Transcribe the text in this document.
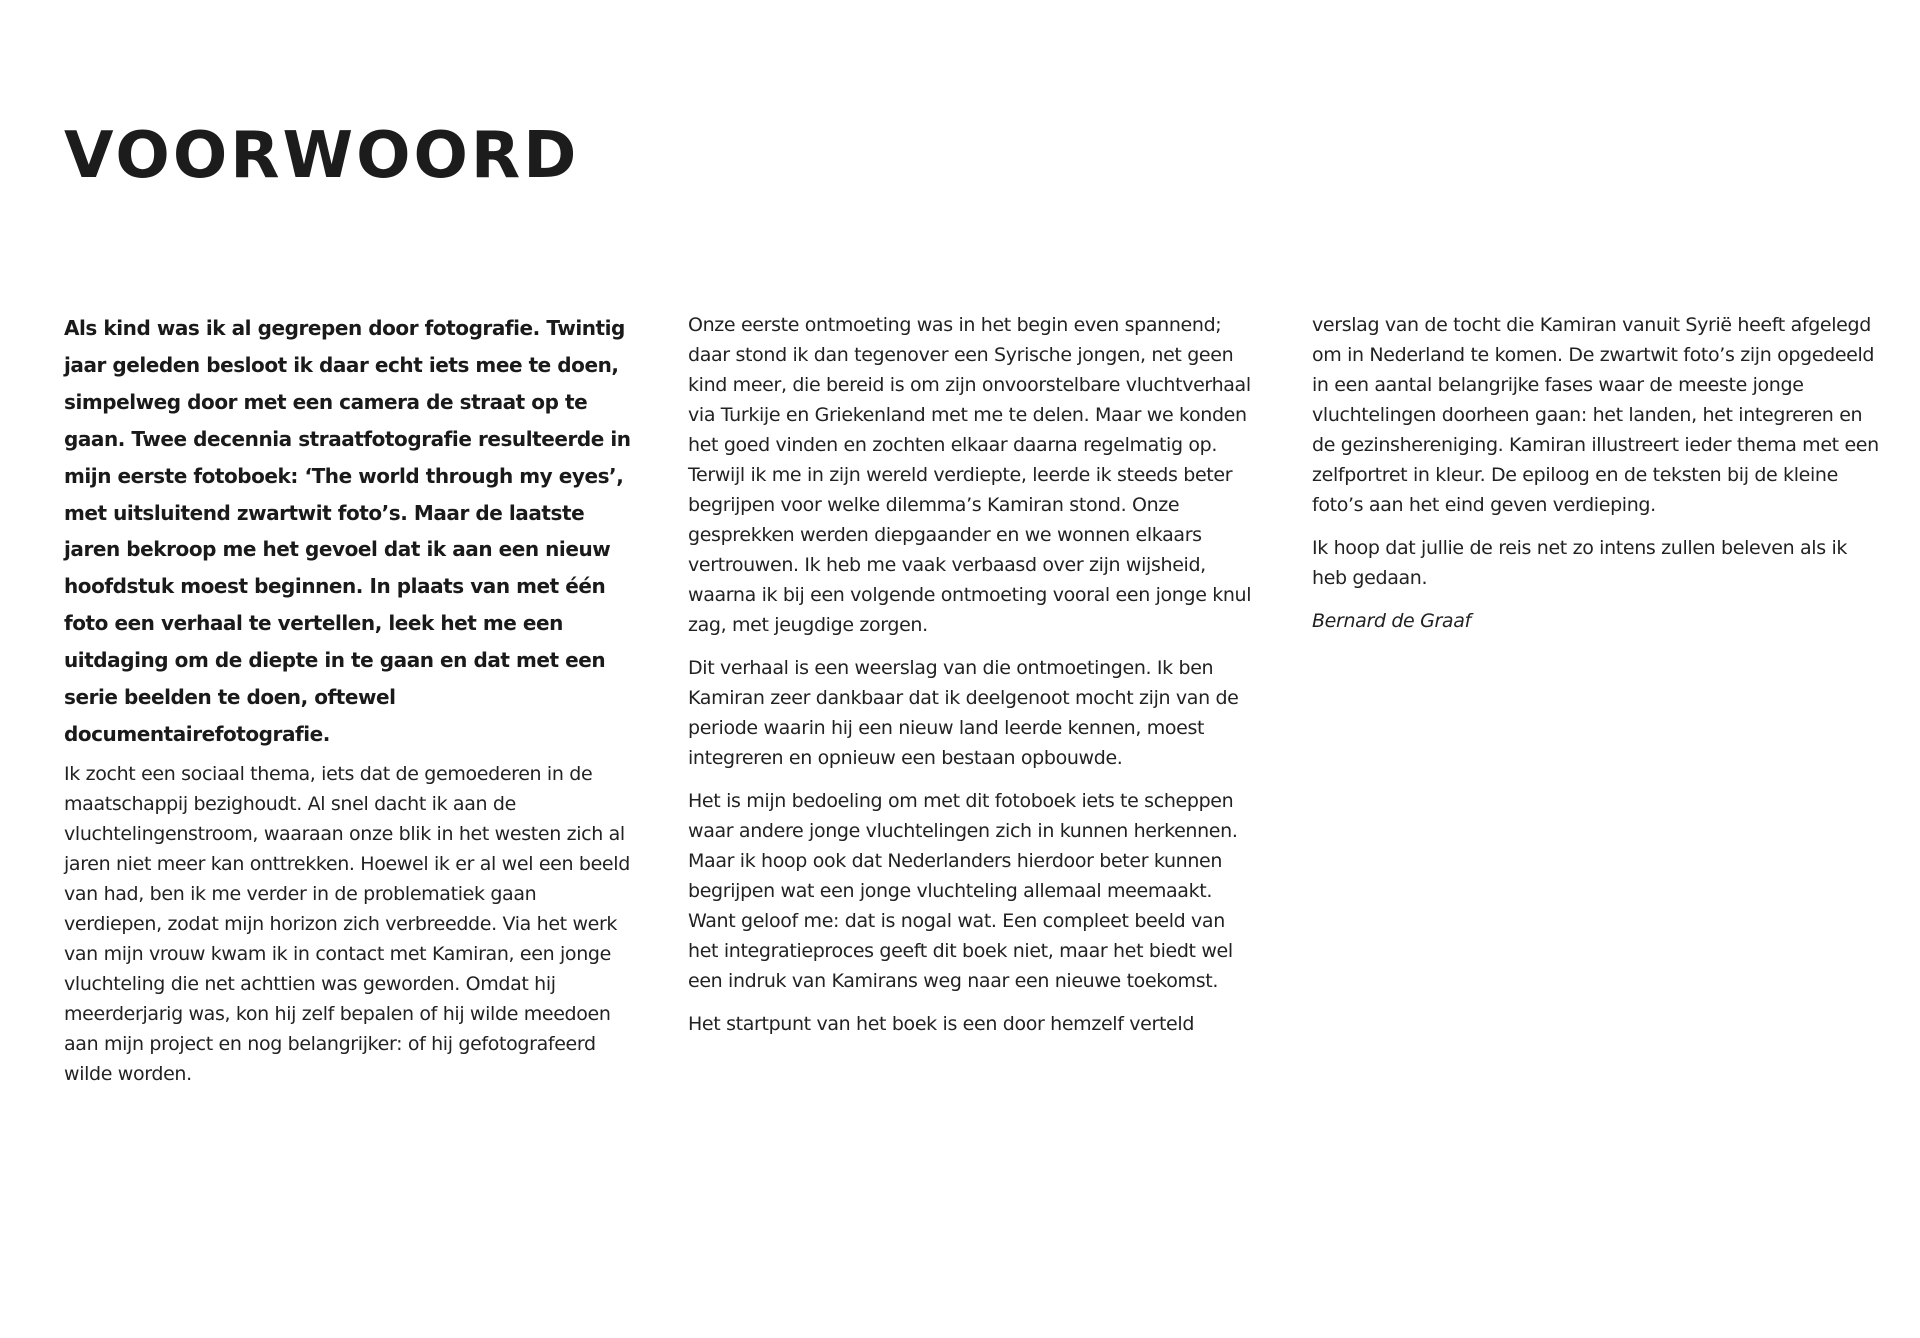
VOORWOORD

Als kind was ik al gegrepen door fotografie. Twintig jaar geleden besloot ik daar echt iets mee te doen, simpelweg door met een camera de straat op te gaan. Twee decennia straatfotografie resulteerde in mijn eerste fotoboek: ‘The world through my eyes’, met uitsluitend zwartwit foto’s. Maar de laatste jaren bekroop me het gevoel dat ik aan een nieuw hoofdstuk moest beginnen. In plaats van met één foto een verhaal te vertellen, leek het me een uitdaging om de diepte in te gaan en dat met een serie beelden te doen, oftewel documentairefotografie.

Ik zocht een sociaal thema, iets dat de gemoederen in de maatschappij bezighoudt. Al snel dacht ik aan de vluchtelingenstroom, waaraan onze blik in het westen zich al jaren niet meer kan onttrekken. Hoewel ik er al wel een beeld van had, ben ik me verder in de problematiek gaan verdiepen, zodat mijn horizon zich verbreedde. Via het werk van mijn vrouw kwam ik in contact met Kamiran, een jonge vluchteling die net achttien was geworden. Omdat hij meerderjarig was, kon hij zelf bepalen of hij wilde meedoen aan mijn project en nog belangrijker: of hij gefotografeerd wilde worden.

Onze eerste ontmoeting was in het begin even spannend; daar stond ik dan tegenover een Syrische jongen, net geen kind meer, die bereid is om zijn onvoorstelbare vluchtverhaal via Turkije en Griekenland met me te delen. Maar we konden het goed vinden en zochten elkaar daarna regelmatig op. Terwijl ik me in zijn wereld verdiepte, leerde ik steeds beter begrijpen voor welke dilemma’s Kamiran stond. Onze gesprekken werden diepgaander en we wonnen elkaars vertrouwen. Ik heb me vaak verbaasd over zijn wijsheid, waarna ik bij een volgende ontmoeting vooral een jonge knul zag, met jeugdige zorgen.

Dit verhaal is een weerslag van die ontmoetingen. Ik ben Kamiran zeer dankbaar dat ik deelgenoot mocht zijn van de periode waarin hij een nieuw land leerde kennen, moest integreren en opnieuw een bestaan opbouwde.

Het is mijn bedoeling om met dit fotoboek iets te scheppen waar andere jonge vluchtelingen zich in kunnen herkennen. Maar ik hoop ook dat Nederlanders hierdoor beter kunnen begrijpen wat een jonge vluchteling allemaal meemaakt. Want geloof me: dat is nogal wat. Een compleet beeld van het integratieproces geeft dit boek niet, maar het biedt wel een indruk van Kamirans weg naar een nieuwe toekomst.

Het startpunt van het boek is een door hemzelf verteld

verslag van de tocht die Kamiran vanuit Syrië heeft afgelegd om in Nederland te komen. De zwartwit foto’s zijn opgedeeld in een aantal belangrijke fases waar de meeste jonge vluchtelingen doorheen gaan: het landen, het integreren en de gezinshereniging. Kamiran illustreert ieder thema met een zelfportret in kleur. De epiloog en de teksten bij de kleine foto’s aan het eind geven verdieping.

Ik hoop dat jullie de reis net zo intens zullen beleven als ik heb gedaan.

Bernard de Graaf
